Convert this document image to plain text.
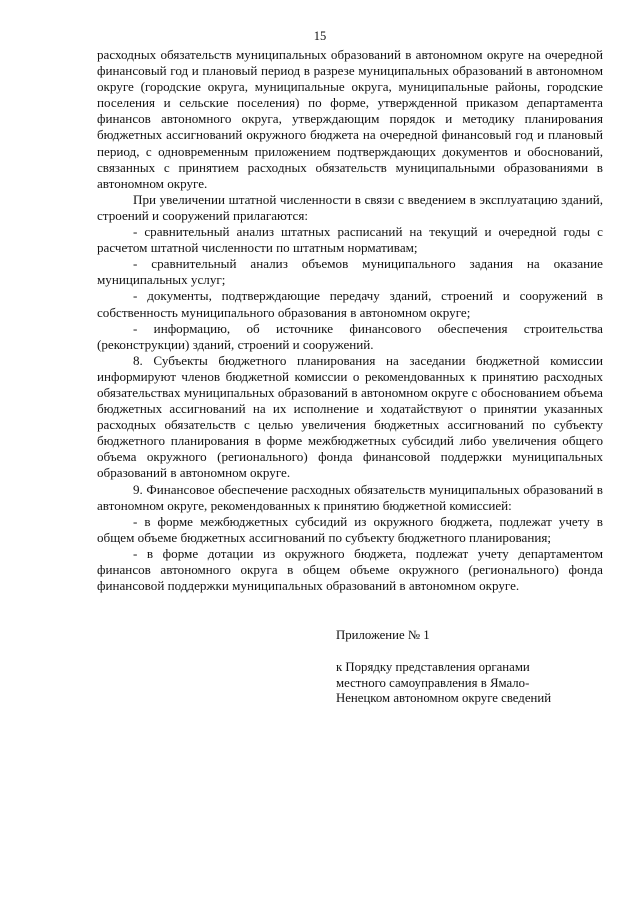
15

расходных обязательств муниципальных образований в автономном округе на очередной финансовый год и плановый период в разрезе муниципальных образований в автономном округе (городские округа, муниципальные округа, муниципальные районы, городские поселения и сельские поселения) по форме, утвержденной приказом департамента финансов автономного округа, утверждающим порядок и методику планирования бюджетных ассигнований окружного бюджета на очередной финансовый год и плановый период, с одновременным приложением подтверждающих документов и обоснований, связанных с принятием расходных обязательств муниципальными образованиями в автономном округе.

При увеличении штатной численности в связи с введением в эксплуатацию зданий, строений и сооружений прилагаются:

- сравнительный анализ штатных расписаний на текущий и очередной годы с расчетом штатной численности по штатным нормативам;

- сравнительный анализ объемов муниципального задания на оказание муниципальных услуг;

- документы, подтверждающие передачу зданий, строений и сооружений в собственность муниципального образования в автономном округе;

- информацию, об источнике финансового обеспечения строительства (реконструкции) зданий, строений и сооружений.

8. Субъекты бюджетного планирования на заседании бюджетной комиссии информируют членов бюджетной комиссии о рекомендованных к принятию расходных обязательствах муниципальных образований в автономном округе с обоснованием объема бюджетных ассигнований на их исполнение и ходатайствуют о принятии указанных расходных обязательств с целью увеличения бюджетных ассигнований по субъекту бюджетного планирования в форме межбюджетных субсидий либо увеличения общего объема окружного (регионального) фонда финансовой поддержки муниципальных образований в автономном округе.

9. Финансовое обеспечение расходных обязательств муниципальных образований в автономном округе, рекомендованных к принятию бюджетной комиссией:

- в форме межбюджетных субсидий из окружного бюджета, подлежат учету в общем объеме бюджетных ассигнований по субъекту бюджетного планирования;

- в форме дотации из окружного бюджета, подлежат учету департаментом финансов автономного округа в общем объеме окружного (регионального) фонда финансовой поддержки муниципальных образований в автономном округе.

Приложение № 1

к Порядку представления органами

местного самоуправления в Ямало-

Ненецком автономном округе сведений
